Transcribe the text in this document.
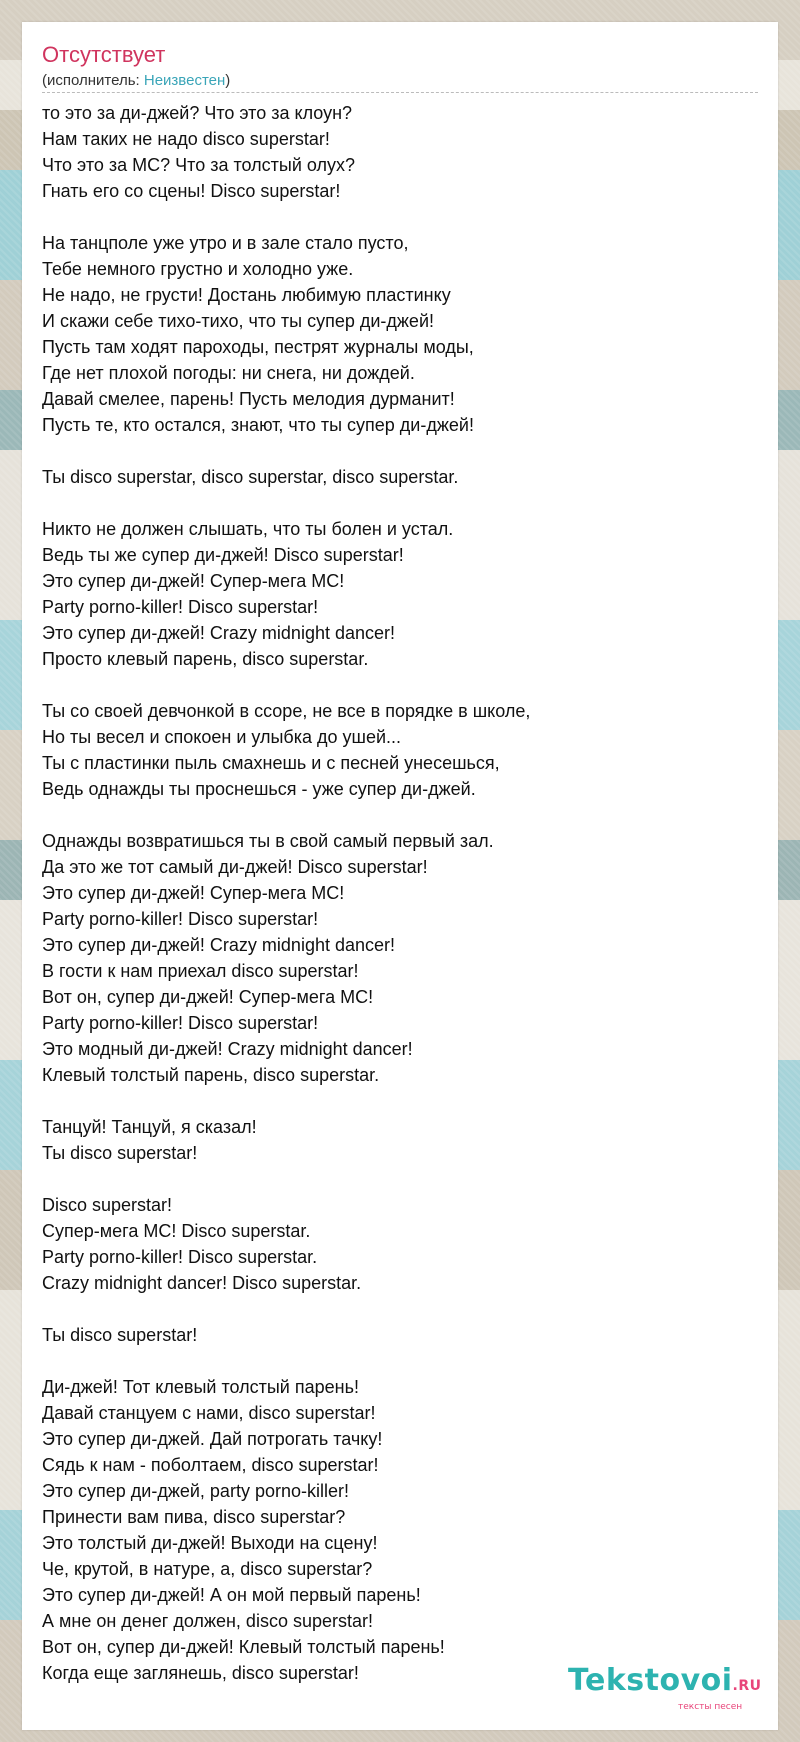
Отсутствует
(исполнитель: Неизвестен)
то это за ди-джей? Что это за клоун?
Нам таких не надо disco superstar!
Что это за МС? Что за толстый олух?
Гнать его со сцены! Disco superstar!
На танцполе уже утро и в зале стало пусто,
Тебе немного грустно и холодно уже.
Не надо, не грусти! Достань любимую пластинку
И скажи себе тихо-тихо, что ты супер ди-джей!
Пусть там ходят пароходы, пестрят журналы моды,
Где нет плохой погоды: ни снега, ни дождей.
Давай смелее, парень! Пусть мелодия дурманит!
Пусть те, кто остался, знают, что ты супер ди-джей!
Ты disco superstar, disco superstar, disco superstar.
Никто не должен слышать, что ты болен и устал.
Ведь ты же супер ди-джей! Disco superstar!
Это супер ди-джей! Супер-мега МС!
Party porno-killer! Disco superstar!
Это супер ди-джей! Crazy midnight dancer!
Просто клевый парень, disco superstar.
Ты со своей девчонкой в ссоре, не все в порядке в школе,
Но ты весел и спокоен и улыбка до ушей...
Ты с пластинки пыль смахнешь и с песней унесешься,
Ведь однажды ты проснешься - уже супер ди-джей.
Однажды возвратишься ты в свой самый первый зал.
Да это же тот самый ди-джей! Disco superstar!
Это супер ди-джей! Супер-мега МС!
Party porno-killer! Disco superstar!
Это супер ди-джей! Crazy midnight dancer!
В гости к нам приехал disco superstar!
Вот он, супер ди-джей! Супер-мега МС!
Party porno-killer! Disco superstar!
Это модный ди-джей! Crazy midnight dancer!
Клевый толстый парень, disco superstar.
Танцуй! Танцуй, я сказал!
Ты disco superstar!
Disco superstar!
Супер-мега МС! Disco superstar.
Party porno-killer! Disco superstar.
Crazy midnight dancer! Disco superstar.
Ты disco superstar!
Ди-джей! Тот клевый толстый парень!
Давай станцуем с нами, disco superstar!
Это супер ди-джей. Дай потрогать тачку!
Сядь к нам - поболтаем, disco superstar!
Это супер ди-джей, party porno-killer!
Принести вам пива, disco superstar?
Это толстый ди-джей! Выходи на сцену!
Че, крутой, в натуре, а, disco superstar?
Это супер ди-джей! А он мой первый парень!
А мне он денег должен, disco superstar!
Вот он, супер ди-джей! Клевый толстый парень!
Когда еще заглянешь, disco superstar!	Tekstovoi.RU
тексты песен
